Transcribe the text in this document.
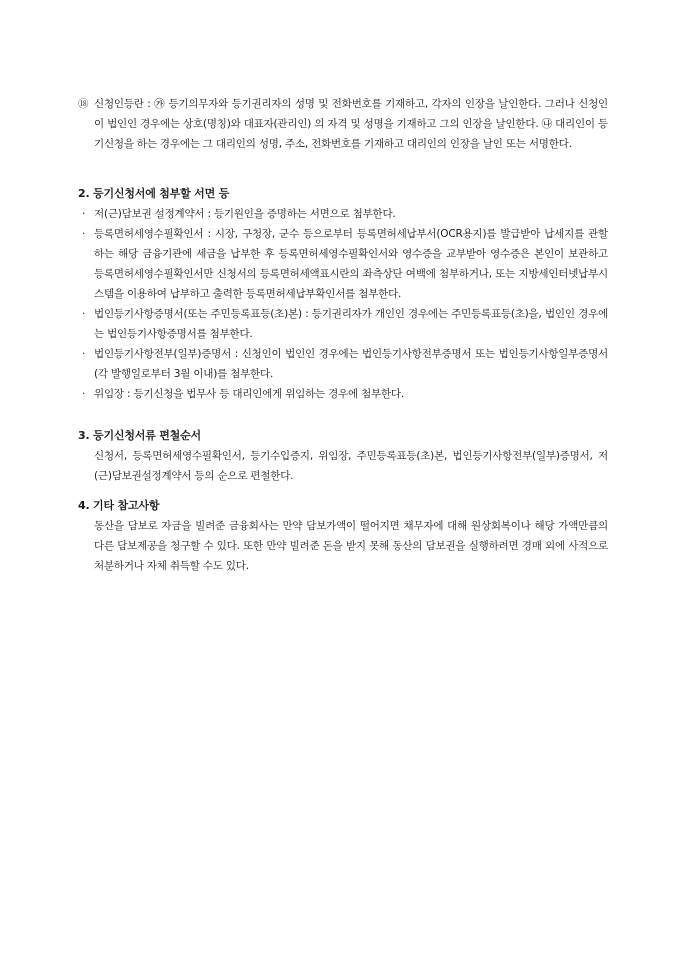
⑱ 신청인등란 : ㉮ 등기의무자와 등기권리자의 성명 및 전화번호를 기재하고, 각자의 인장을 날인한다. 그러나 신청인이 법인인 경우에는 상호(명칭)와 대표자(관리인) 의 자격 및 성명을 기재하고 그의 인장을 날인한다. ㉯ 대리인이 등기신청을 하는 경우에는 그 대리인의 성명, 주소, 전화번호를 기재하고 대리인의 인장을 날인 또는 서명한다.
2. 등기신청서에 첨부할 서면 등
· 저(근)담보권 설정계약서 : 등기원인을 증명하는 서면으로 첨부한다.
· 등록면허세영수필확인서 : 시장, 구청장, 군수 등으로부터 등록면허세납부서(OCR용지)를 발급받아 납세지를 관할하는 해당 금융기관에 세금을 납부한 후 등록면허세영수필확인서와 영수증을 교부받아 영수증은 본인이 보관하고 등록면허세영수필확인서만 신청서의 등록면허세액표시란의 좌측상단 여백에 첨부하거나, 또는 지방세인터넷납부시스템을 이용하여 납부하고 출력한 등록면허세납부확인서를 첨부한다.
· 법인등기사항증명서(또는 주민등록표등(초)본) : 등기권리자가 개인인 경우에는 주민등록표등(초)을, 법인인 경우에는 법인등기사항증명서를 첨부한다.
· 법인등기사항전부(일부)증명서 : 신청인이 법인인 경우에는 법인등기사항전부증명서 또는 법인등기사항일부증명서(각 발행일로부터 3월 이내)를 첨부한다.
· 위임장 : 등기신청을 법무사 등 대리인에게 위임하는 경우에 첨부한다.
3. 등기신청서류 편철순서
신청서, 등록면허세영수필확인서, 등기수입증지, 위임장, 주민등록표등(초)본, 법인등기사항전부(일부)증명서, 저(근)담보권설정계약서 등의 순으로 편철한다.
4. 기타 참고사항
동산을 담보로 자금을 빌려준 금융회사는 만약 담보가액이 떨어지면 채무자에 대해 원상회복이나 해당 가액만큼의 다른 담보제공을 청구할 수 있다. 또한 만약 빌려준 돈을 받지 못해 동산의 담보권을 실행하려면 경매 외에 사적으로 처분하거나 자체 취득할 수도 있다.
